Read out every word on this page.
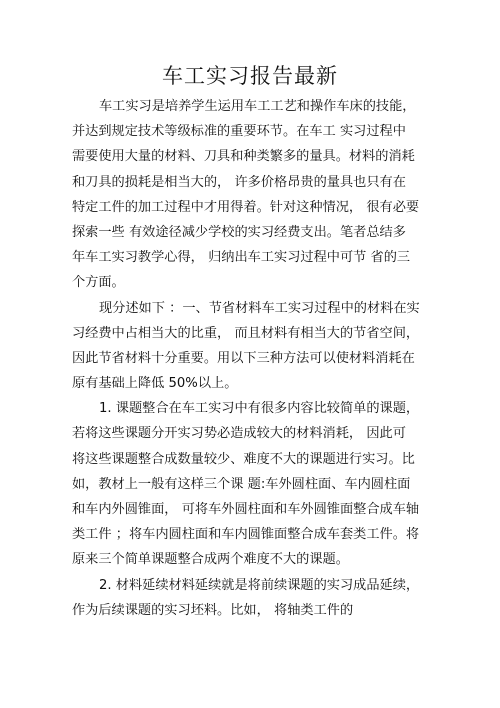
车工实习报告最新
车工实习是培养学生运用车工工艺和操作车床的技能，
并达到规定技术等级标准的重要环节。在车工 实习过程中
需要使用大量的材料、刀具和种类繁多的量具。材料的消耗
和刀具的损耗是相当大的， 许多价格昂贵的量具也只有在
特定工件的加工过程中才用得着。针对这种情况， 很有必要
探索一些 有效途径减少学校的实习经费支出。笔者总结多
年车工实习教学心得， 归纳出车工实习过程中可节 省的三
个方面。
现分述如下 ：一、节省材料车工实习过程中的材料在实
习经费中占相当大的比重， 而且材料有相当大的节省空间，
因此节省材料十分重要。用以下三种方法可以使材料消耗在
原有基础上降低 50%以上。
1. 课题整合在车工实习中有很多内容比较简单的课题，
若将这些课题分开实习势必造成较大的材料消耗， 因此可
将这些课题整合成数量较少、难度不大的课题进行实习。比
如，教材上一般有这样三个课 题:车外圆柱面、车内圆柱面
和车内外圆锥面， 可将车外圆柱面和车外圆锥面整合成车轴
类工件 ；将车内圆柱面和车内圆锥面整合成车套类工件。将
原来三个简单课题整合成两个难度不大的课题。
2. 材料延续材料延续就是将前续课题的实习成品延续，
作为后续课题的实习坯料。比如， 将轴类工件的
